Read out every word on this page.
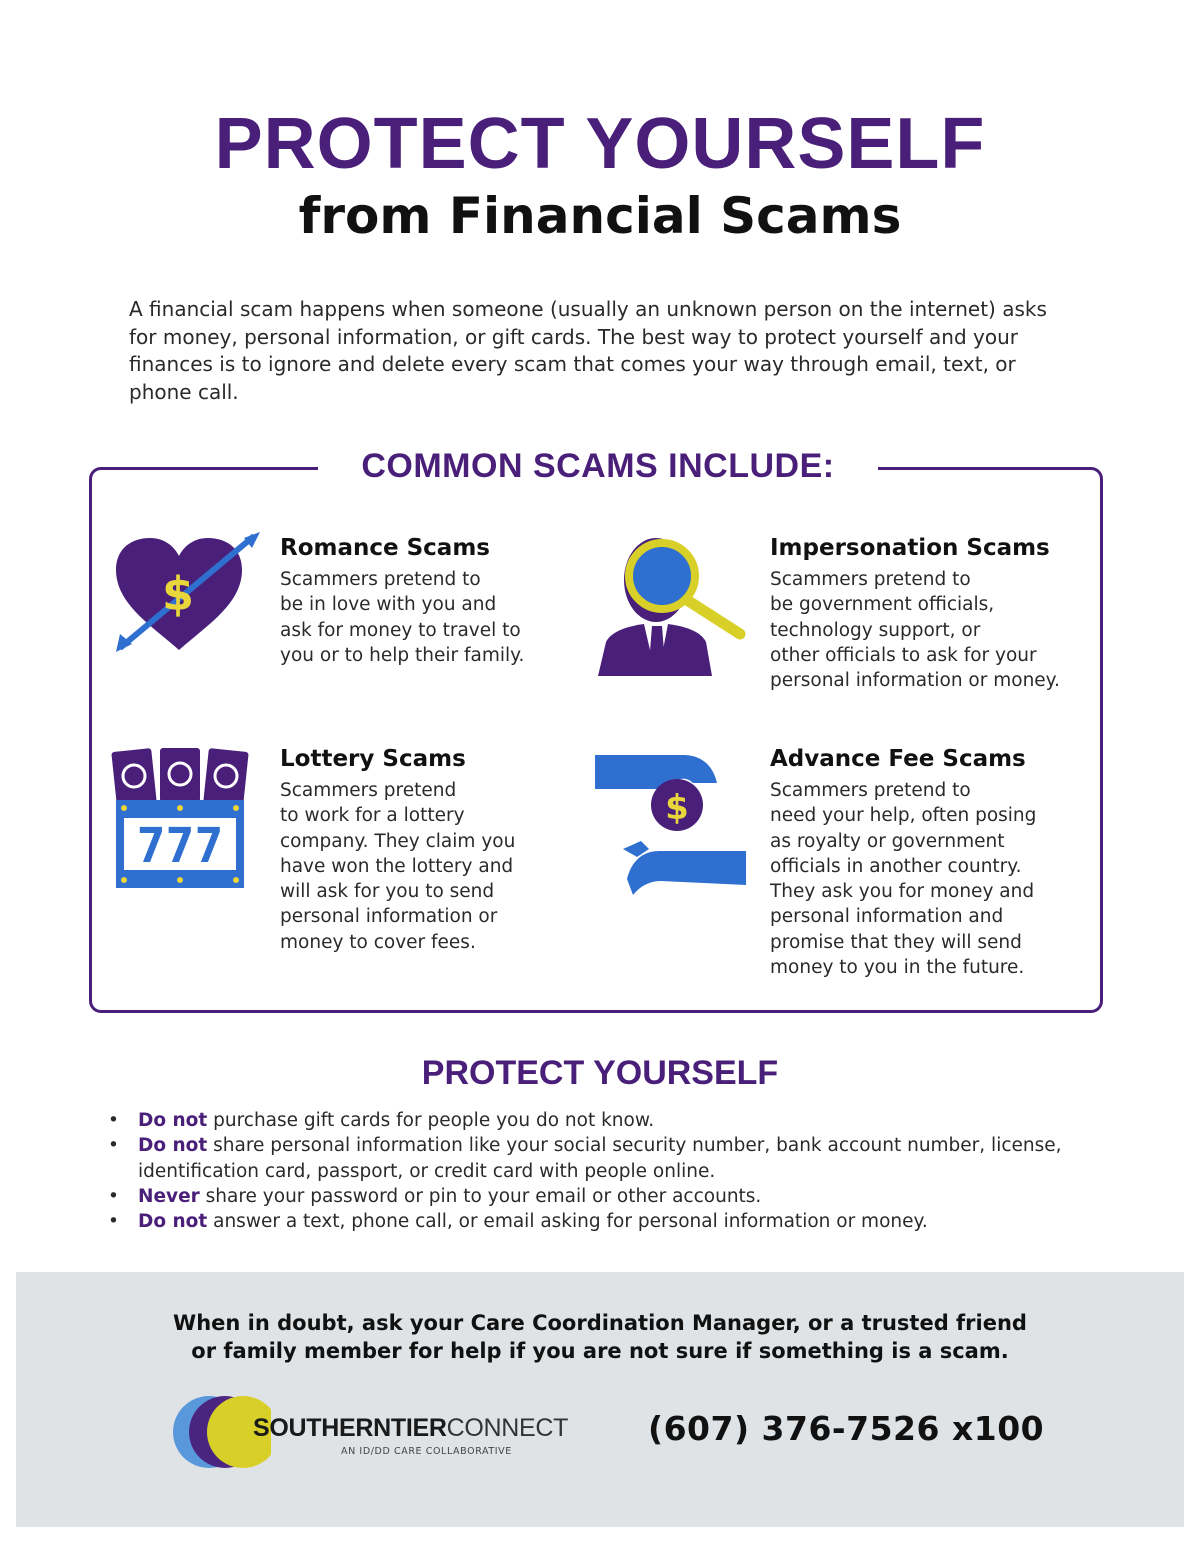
PROTECT YOURSELF
from Financial Scams

A financial scam happens when someone (usually an unknown person on the internet) asks for money, personal information, or gift cards. The best way to protect yourself and your finances is to ignore and delete every scam that comes your way through email, text, or phone call.

COMMON SCAMS INCLUDE:
$
Romance Scams
Scammers pretend to
be in love with you and
ask for money to travel to
you or to help their family.
Impersonation Scams
Scammers pretend to
be government officials,
technology support, or
other officials to ask for your
personal information or money.
777
Lottery Scams
Scammers pretend
to work for a lottery
company. They claim you
have won the lottery and
will ask for you to send
personal information or
money to cover fees.
$
Advance Fee Scams
Scammers pretend to
need your help, often posing
as royalty or government
officials in another country.
They ask you for money and
personal information and
promise that they will send
money to you in the future.
PROTECT YOURSELF
• Do not purchase gift cards for people you do not know.
• Do not share personal information like your social security number, bank account number, license, identification card, passport, or credit card with people online.
• Never share your password or pin to your email or other accounts.
• Do not answer a text, phone call, or email asking for personal information or money.
When in doubt, ask your Care Coordination Manager, or a trusted friend
or family member for help if you are not sure if something is a scam.
SOUTHERNTIERCONNECT
AN ID/DD CARE COLLABORATIVE
(607) 376-7526 x100
